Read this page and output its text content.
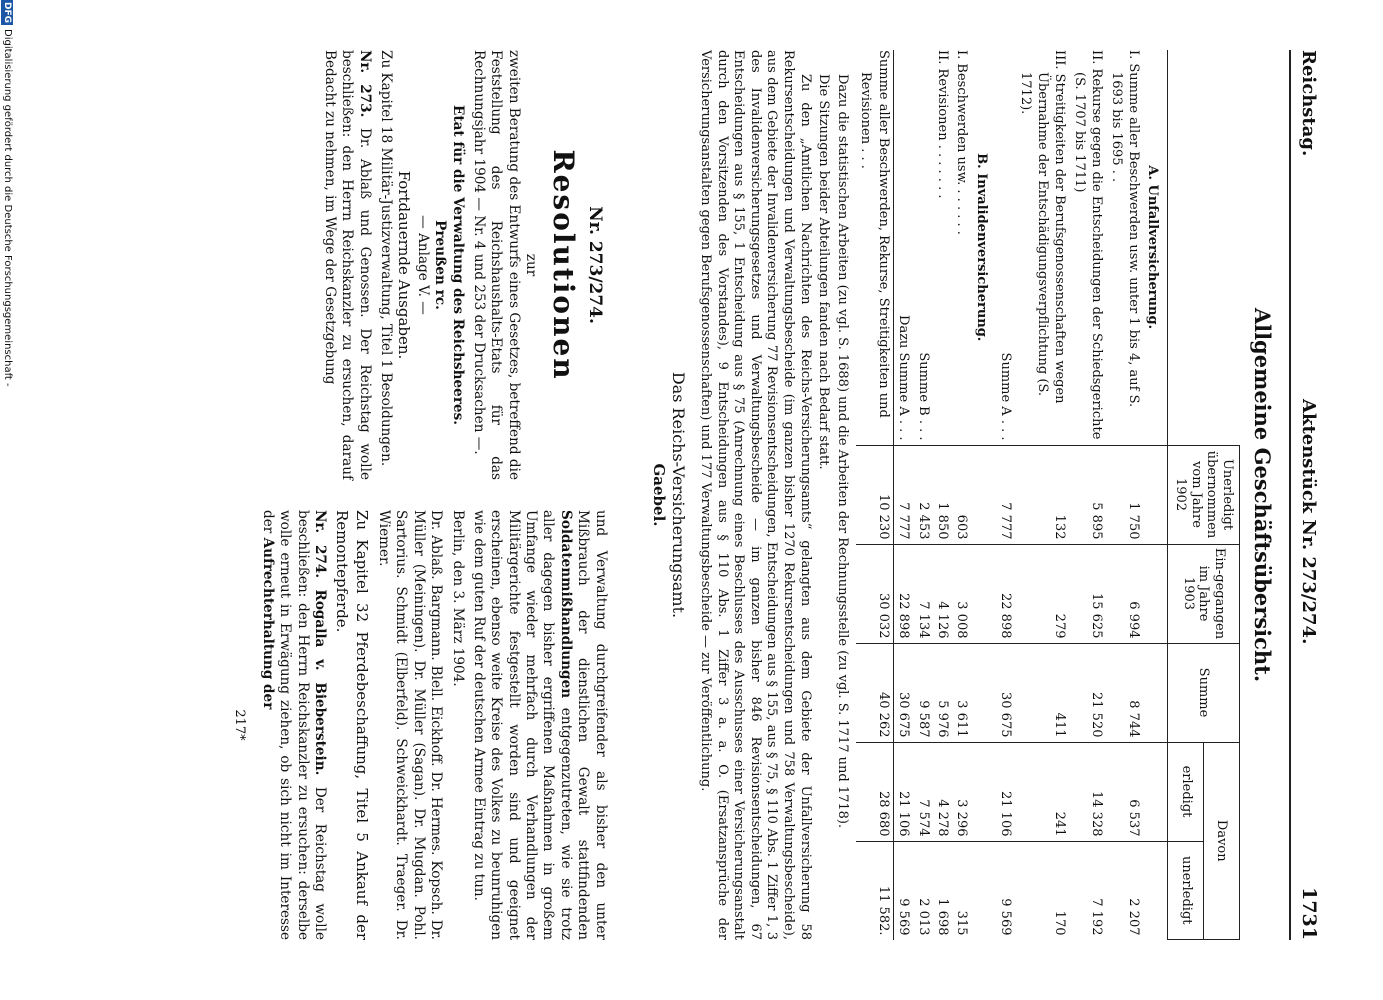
Reichstag.
Aktenstück Nr. 273/274.
1731
Allgemeine Geschäftsübersicht.
	Unerledigt übernommen vom Jahre 1902	Ein-gegangen im Jahre 1903	Summe	Davon	
				erledigt	unerledigt
A. Unfallversicherung.					
I. Summe aller Beschwerden usw. unter 1 bis 4, auf S. 1693 bis 1695 . .	1 750	6 994	8 744	6 537	2 207
II. Rekurse gegen die Entscheidungen der Schiedsgerichte (S. 1707 bis 1711)	5 895	15 625	21 520	14 328	7 192
III. Streitigkeiten der Berufsgenossenschaften wegen Übernahme der Entschädigungsverpflichtung (S. 1712).	132	279	411	241	170
Summe A . . .	7 777	22 898	30 675	21 106	9 569
B. Invalidenversicherung.					
I. Beschwerden usw. . . . . . .	603	3 008	3 611	3 296	315
II. Revisionen . . . . . . .	1 850	4 126	5 976	4 278	1 698
Summe B . . .	2 453	7 134	9 587	7 574	2 013
Dazu Summe A . . .	7 777	22 898	30 675	21 106	9 569
Summe aller Beschwerden, Rekurse, Streitigkeiten und Revisionen . . .	10 230	30 032	40 262	28 680	11 582.

Dazu die statistischen Arbeiten (zu vgl. S. 1688) und die Arbeiten der Rechnungsstelle (zu vgl. S. 1717 und 1718).

Die Sitzungen beider Abteilungen fanden nach Bedarf statt.

Zu den „Amtlichen Nachrichten des Reichs-Versicherungsamts“ gelangten aus dem Gebiete der Unfallversicherung 58 Rekursentscheidungen und Verwaltungsbescheide (im ganzen bisher 1270 Rekursentscheidungen und 758 Verwaltungsbescheide), aus dem Gebiete der Invalidenversicherung 77 Revisionsentscheidungen, Entscheidungen aus § 155, aus § 75, § 110 Abs. 1 Ziffer 1, 3 des Invalidenversicherungsgesetzes und Verwaltungsbescheide — im ganzen bisher 846 Revisionsentscheidungen, 67 Entscheidungen aus § 155, 1 Entscheidung aus § 75 (Anrechnung eines Beschlusses des Ausschusses einer Versicherungsanstalt durch den Vorsitzenden des Vorstandes), 9 Entscheidungen aus § 110 Abs. 1 Ziffer 3 a. a. O. (Ersatzansprüche der Versicherungsanstalten gegen Berufsgenossenschaften) und 177 Verwaltungsbescheide — zur Veröffentlichung.

Das Reichs-Versicherungsamt.
Gaebel.
Nr. 273/274.
Resolutionen
zur

zweiten Beratung des Entwurfs eines Gesetzes, betreffend die Feststellung des Reichshaushalts-Etats für das Rechnungsjahr 1904 — Nr. 4 und 253 der Drucksachen —.

Etat für die Verwaltung des Reichsheeres.
Preußen rc.
— Anlage V. —
Fortdauernde Ausgaben.

Zu Kapitel 18 Militär-Justizverwaltung, Titel 1 Besoldungen.

Nr. 273. Dr. Ablaß und Genossen. Der Reichstag wolle beschließen: den Herrn Reichskanzler zu ersuchen, darauf Bedacht zu nehmen, im Wege der Gesetzgebung

und Verwaltung durchgreifender als bisher den unter Mißbrauch der dienstlichen Gewalt stattfindenden Soldatenmißhandlungen entgegenzutreten, wie sie trotz aller dagegen bisher ergriffenen Maßnahmen in großem Umfange wieder mehrfach durch Verhandlungen der Militärgerichte festgestellt worden sind und geeignet erscheinen, ebenso weite Kreise des Volkes zu beunruhigen wie dem guten Ruf der deutschen Armee Eintrag zu tun.

Berlin, den 3. März 1904.

Dr. Ablaß. Bargmann. Blell. Eickhoff. Dr. Hermes. Kopsch. Dr. Müller (Meiningen). Dr. Müller (Sagan). Dr. Mugdan. Pohl. Sartorius. Schmidt (Elberfeld). Schweickhardt. Traeger. Dr. Wiemer.

Zu Kapitel 32 Pferdebeschaffung, Titel 5 Ankauf der Remontepferde.

Nr. 274. Rogalla v. Bieberstein. Der Reichstag wolle beschließen: den Herrn Reichskanzler zu ersuchen: derselbe wolle erneut in Erwägung ziehen, ob sich nicht im Interesse der Aufrechterhaltung der

217*
DFG
Digitalisierung gefördert durch die Deutsche Forschungsgemeinschaft -
